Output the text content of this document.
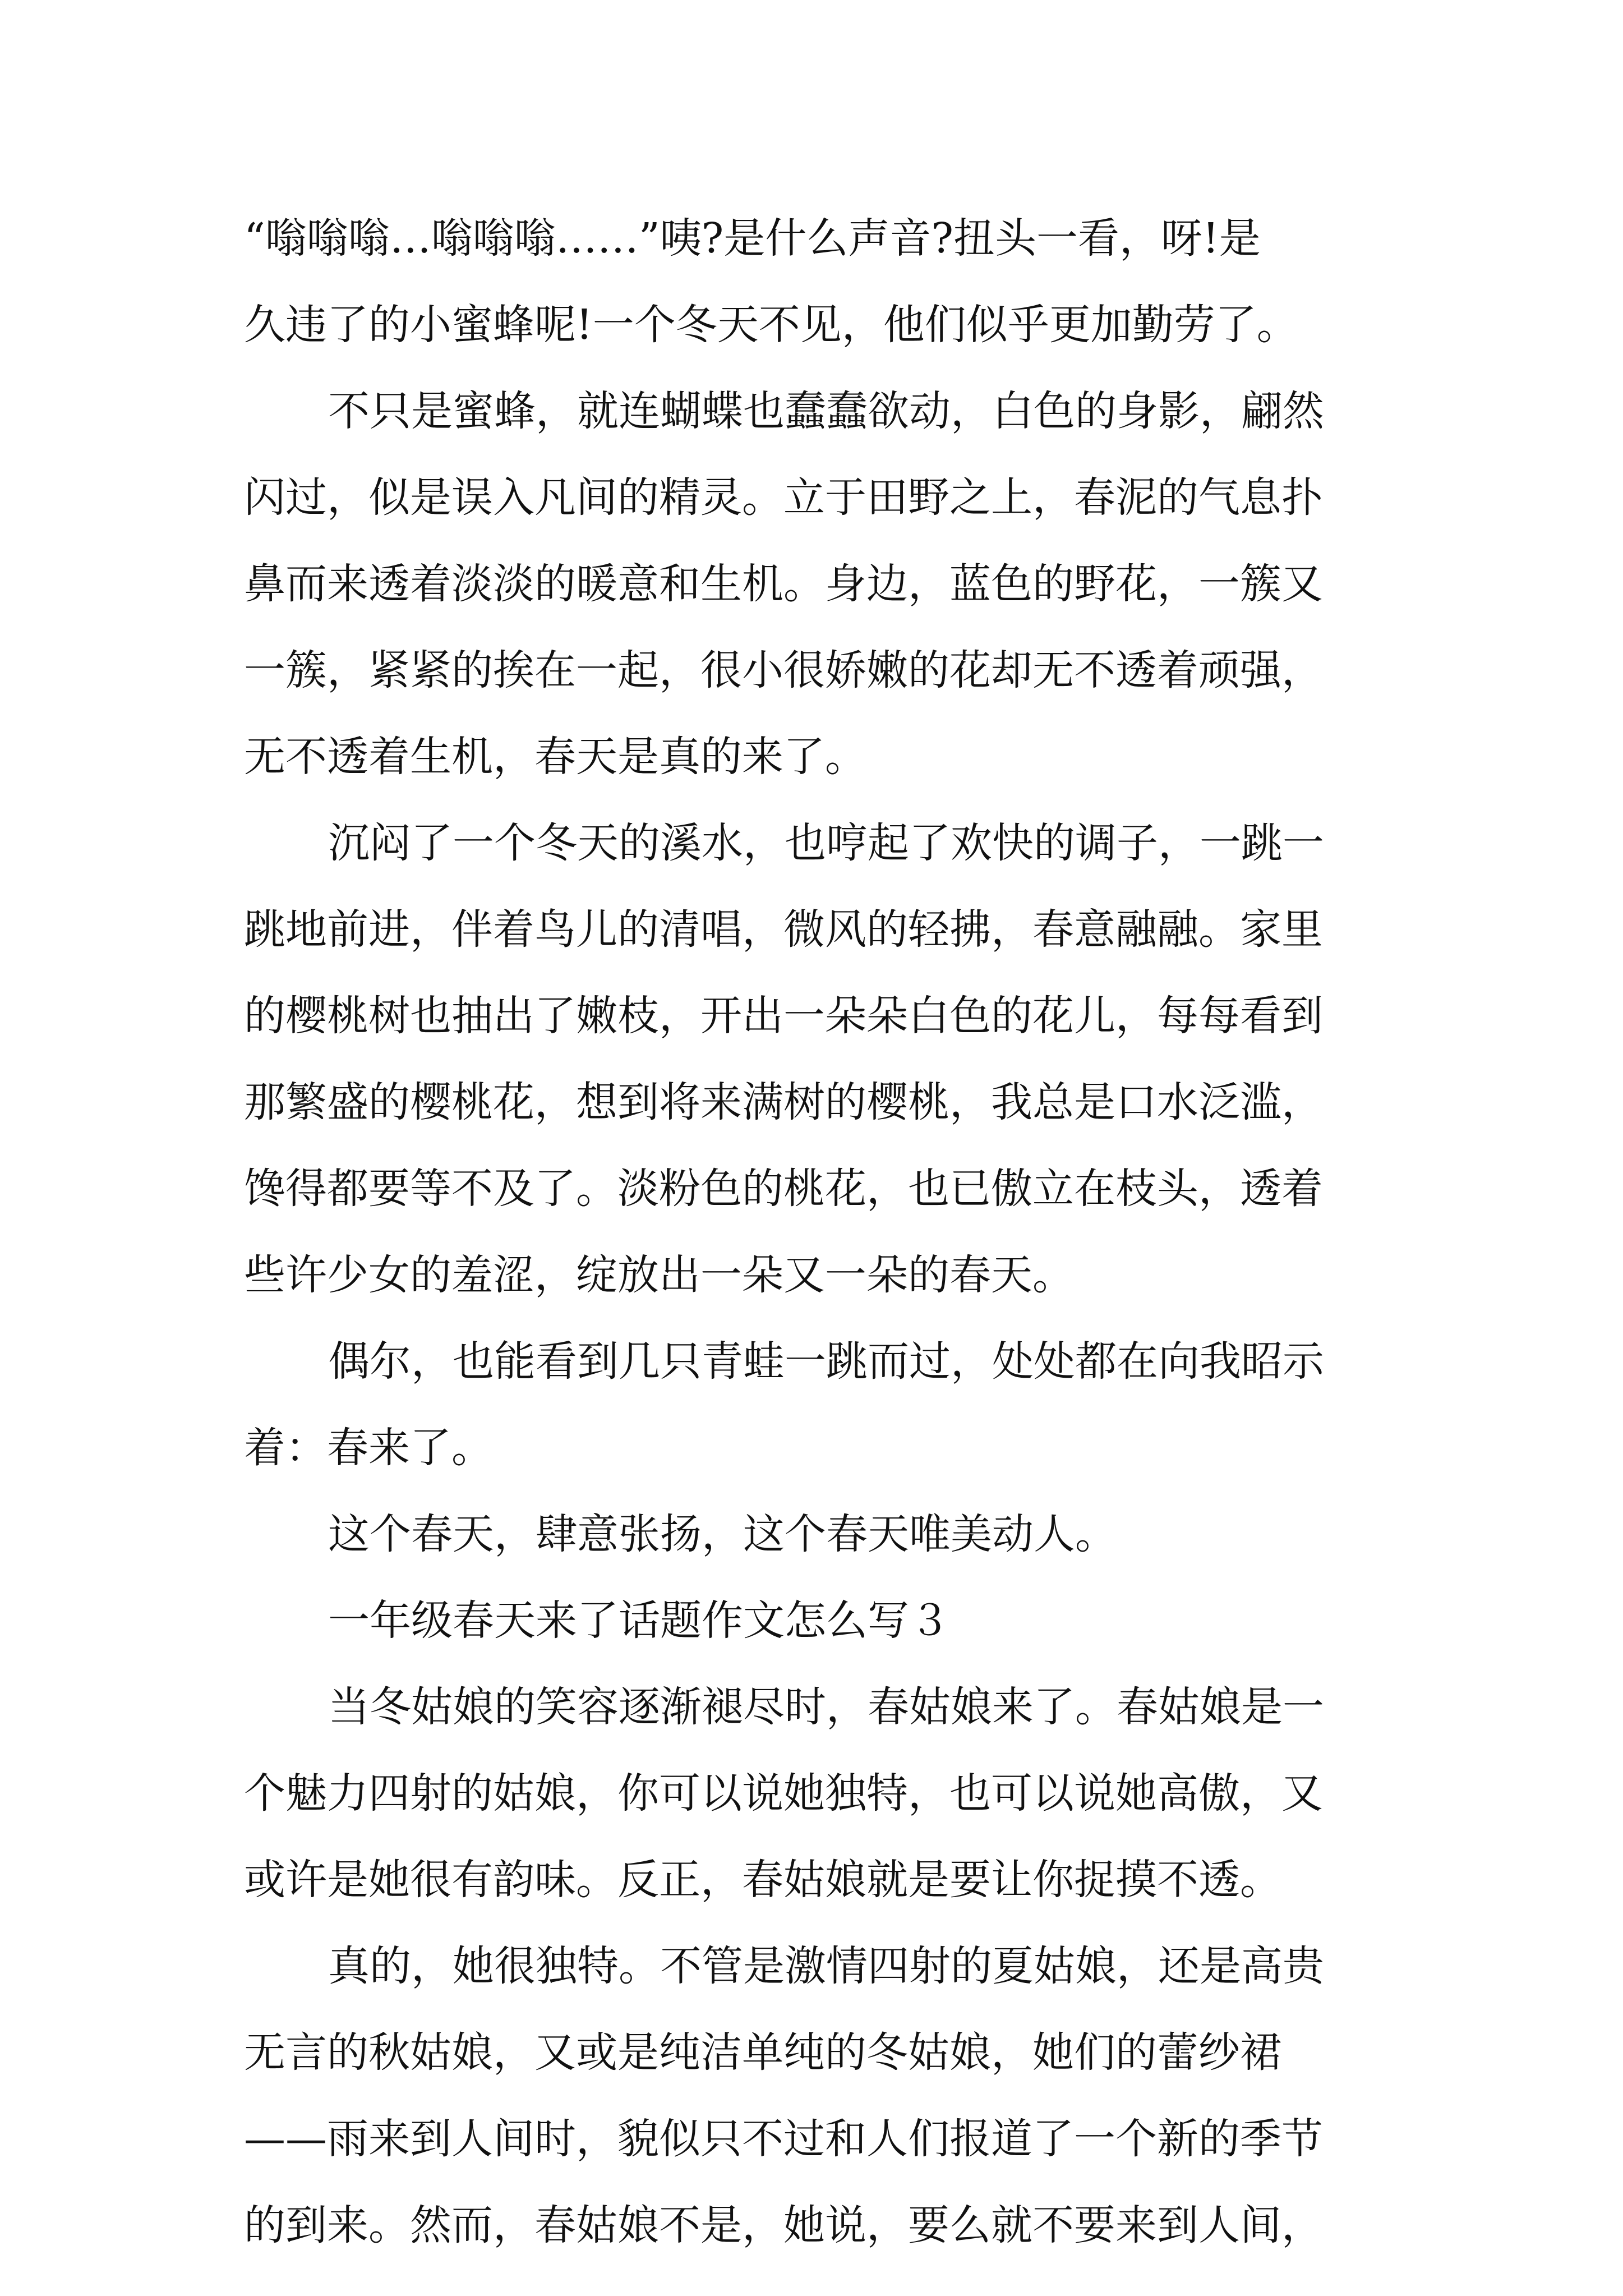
“嗡嗡嗡…嗡嗡嗡……”咦?是什么声音?扭头一看，呀!是
久违了的小蜜蜂呢!一个冬天不见，他们似乎更加勤劳了。
不只是蜜蜂，就连蝴蝶也蠢蠢欲动，白色的身影，翩然
闪过，似是误入凡间的精灵。立于田野之上，春泥的气息扑
鼻而来透着淡淡的暖意和生机。身边，蓝色的野花，一簇又
一簇，紧紧的挨在一起，很小很娇嫩的花却无不透着顽强，
无不透着生机，春天是真的来了。
沉闷了一个冬天的溪水，也哼起了欢快的调子，一跳一
跳地前进，伴着鸟儿的清唱，微风的轻拂，春意融融。家里
的樱桃树也抽出了嫩枝，开出一朵朵白色的花儿，每每看到
那繁盛的樱桃花，想到将来满树的樱桃，我总是口水泛滥，
馋得都要等不及了。淡粉色的桃花，也已傲立在枝头，透着
些许少女的羞涩，绽放出一朵又一朵的春天。
偶尔，也能看到几只青蛙一跳而过，处处都在向我昭示
着：春来了。
这个春天，肆意张扬，这个春天唯美动人。
一年级春天来了话题作文怎么写３
当冬姑娘的笑容逐渐褪尽时，春姑娘来了。春姑娘是一
个魅力四射的姑娘，你可以说她独特，也可以说她高傲，又
或许是她很有韵味。反正，春姑娘就是要让你捉摸不透。
真的，她很独特。不管是激情四射的夏姑娘，还是高贵
无言的秋姑娘，又或是纯洁单纯的冬姑娘，她们的蕾纱裙
——雨来到人间时，貌似只不过和人们报道了一个新的季节
的到来。然而，春姑娘不是，她说，要么就不要来到人间，
